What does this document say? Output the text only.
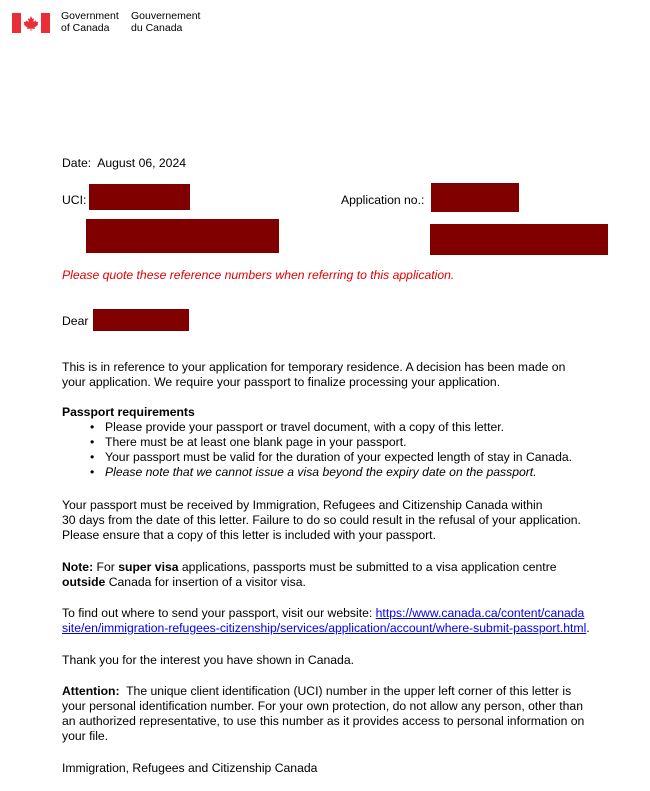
Government
of Canada
Gouvernement
du Canada
Date: August 06, 2024
UCI:	Application no.:
Please quote these reference numbers when referring to this application.
Dear
This is in reference to your application for temporary residence. A decision has been made on
your application. We require your passport to finalize processing your application.
Passport requirements
• Please provide your passport or travel document, with a copy of this letter.
• There must be at least one blank page in your passport.
• Your passport must be valid for the duration of your expected length of stay in Canada.
• Please note that we cannot issue a visa beyond the expiry date on the passport.
Your passport must be received by Immigration, Refugees and Citizenship Canada within
30 days from the date of this letter. Failure to do so could result in the refusal of your application.
Please ensure that a copy of this letter is included with your passport.
Note: For super visa applications, passports must be submitted to a visa application centre
outside Canada for insertion of a visitor visa.
To find out where to send your passport, visit our website: https://www.canada.ca/content/canada
site/en/immigration-refugees-citizenship/services/application/account/where-submit-passport.html.
Thank you for the interest you have shown in Canada.
Attention:  The unique client identification (UCI) number in the upper left corner of this letter is
your personal identification number. For your own protection, do not allow any person, other than
an authorized representative, to use this number as it provides access to personal information on
your file.
Immigration, Refugees and Citizenship Canada
